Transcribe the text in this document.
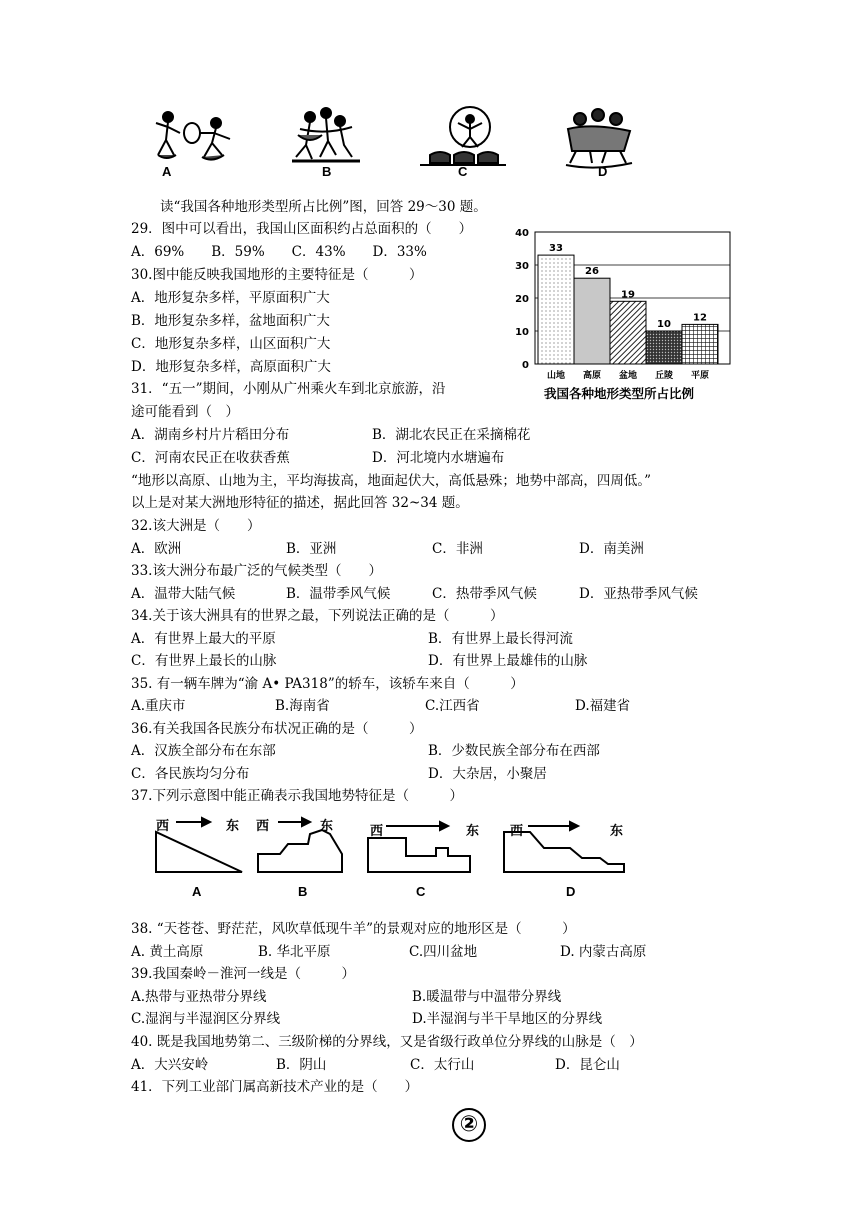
A	B	C	D
读“我国各种地形类型所占比例”图，回答 29～30 题。
29．图中可以看出，我国山区面积约占总面积的（　　）
A．69%　　B．59%　　C．43%　　D．33%
30.图中能反映我国地形的主要特征是（　　　）
A．地形复杂多样，平原面积广大
B．地形复杂多样，盆地面积广大
C．地形复杂多样，山区面积广大
D．地形复杂多样，高原面积广大
31．“五一”期间，小刚从广州乘火车到北京旅游，沿
途可能看到（　）
A．湖南乡村片片稻田分布	B．湖北农民正在采摘棉花
C．河南农民正在收获香蕉	D．河北境内水塘遍布
“地形以高原、山地为主，平均海拔高，地面起伏大，高低悬殊；地势中部高，四周低。”
以上是对某大洲地形特征的描述，据此回答 32~34 题。
32.该大洲是（　　）
A．欧洲	B．亚洲	C．非洲	D．南美洲
33.该大洲分布最广泛的气候类型（　　）
A．温带大陆气候	B．温带季风气候	C．热带季风气候	D．亚热带季风气候
34.关于该大洲具有的世界之最，下列说法正确的是（　　　）
A．有世界上最大的平原	B．有世界上最长得河流
C．有世界上最长的山脉	D．有世界上最雄伟的山脉
35. 有一辆车牌为“渝 A• PA318”的轿车，该轿车来自（　　　）
A.重庆市	B.海南省	C.江西省	D.福建省
36.有关我国各民族分布状况正确的是（　　　）
A．汉族全部分布在东部	B．少数民族全部分布在西部
C．各民族均匀分布	D．大杂居，小聚居
37.下列示意图中能正确表示我国地势特征是（　　　）
西	东 西	东	西	东 西	东
A	B	C	D
38. “天苍苍、野茫茫，风吹草低现牛羊”的景观对应的地形区是（　　　）
A. 黄土高原	B. 华北平原	C.四川盆地	D. 内蒙古高原
39.我国秦岭－淮河一线是（　　　）
A.热带与亚热带分界线	B.暖温带与中温带分界线
C.湿润与半湿润区分界线	D.半湿润与半干旱地区的分界线
40. 既是我国地势第二、三级阶梯的分界线，又是省级行政单位分界线的山脉是（　）
A．大兴安岭	B．阴山	C．太行山	D．昆仑山
41．下列工业部门属高新技术产业的是（　　）
②
0
10
20
30
40
33
山地
26
高原
19
盆地
10
丘陵
12
平原
我国各种地形类型所占比例
